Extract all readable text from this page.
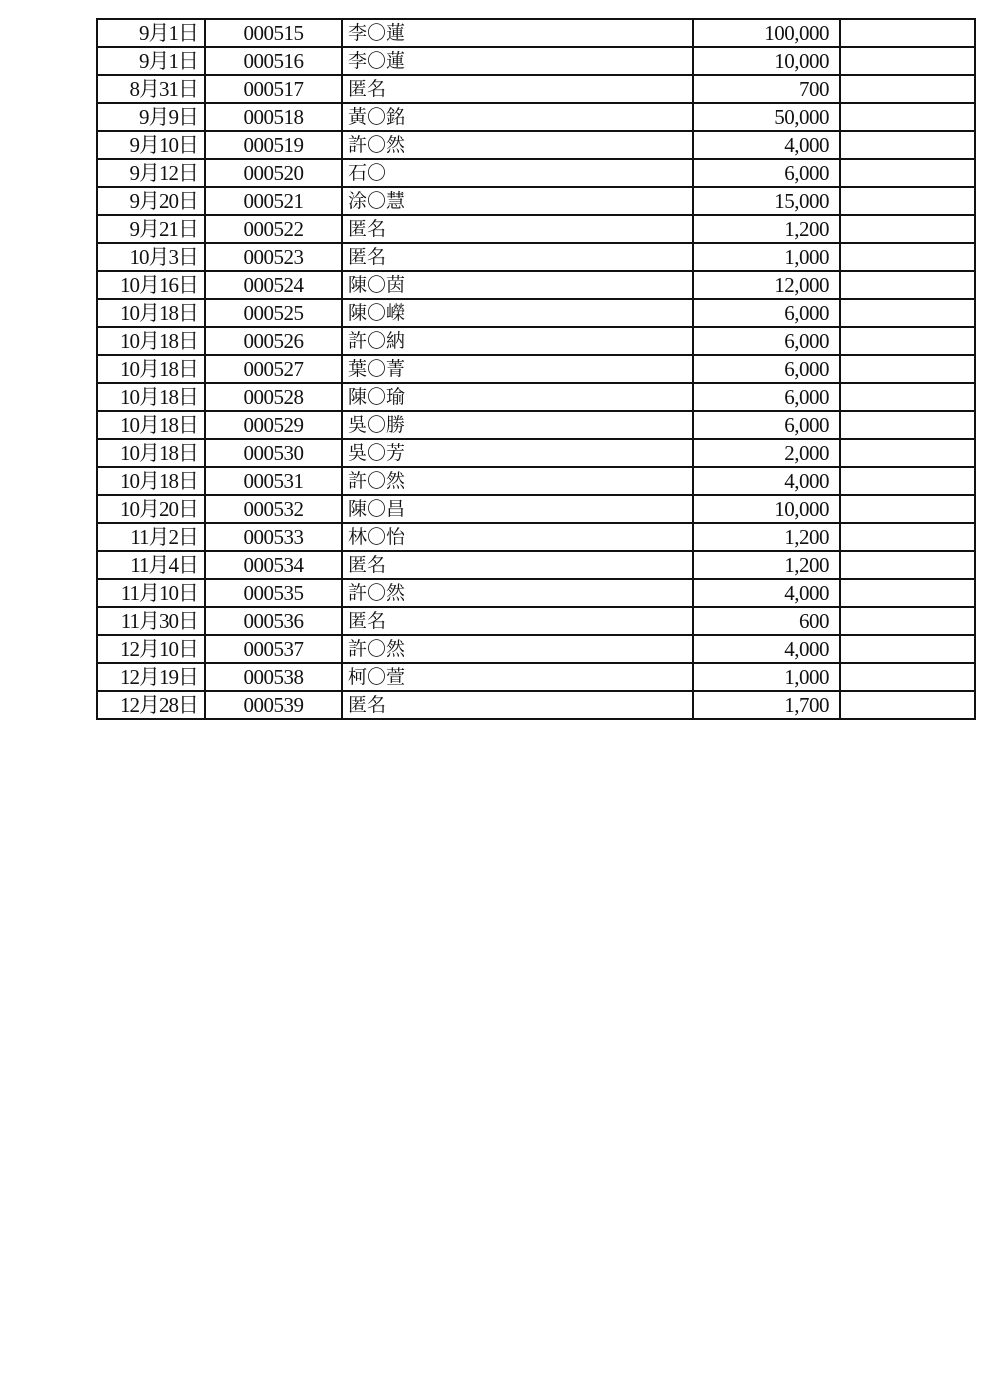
9月1日	000515	李〇蓮	100,000	
9月1日	000516	李〇蓮	10,000	
8月31日	000517	匿名	700	
9月9日	000518	黃〇銘	50,000	
9月10日	000519	許〇然	4,000	
9月12日	000520	石〇	6,000	
9月20日	000521	涂〇慧	15,000	
9月21日	000522	匿名	1,200	
10月3日	000523	匿名	1,000	
10月16日	000524	陳〇茵	12,000	
10月18日	000525	陳〇嶸	6,000	
10月18日	000526	許〇納	6,000	
10月18日	000527	葉〇菁	6,000	
10月18日	000528	陳〇瑜	6,000	
10月18日	000529	吳〇勝	6,000	
10月18日	000530	吳〇芳	2,000	
10月18日	000531	許〇然	4,000	
10月20日	000532	陳〇昌	10,000	
11月2日	000533	林〇怡	1,200	
11月4日	000534	匿名	1,200	
11月10日	000535	許〇然	4,000	
11月30日	000536	匿名	600	
12月10日	000537	許〇然	4,000	
12月19日	000538	柯〇萱	1,000	
12月28日	000539	匿名	1,700	
